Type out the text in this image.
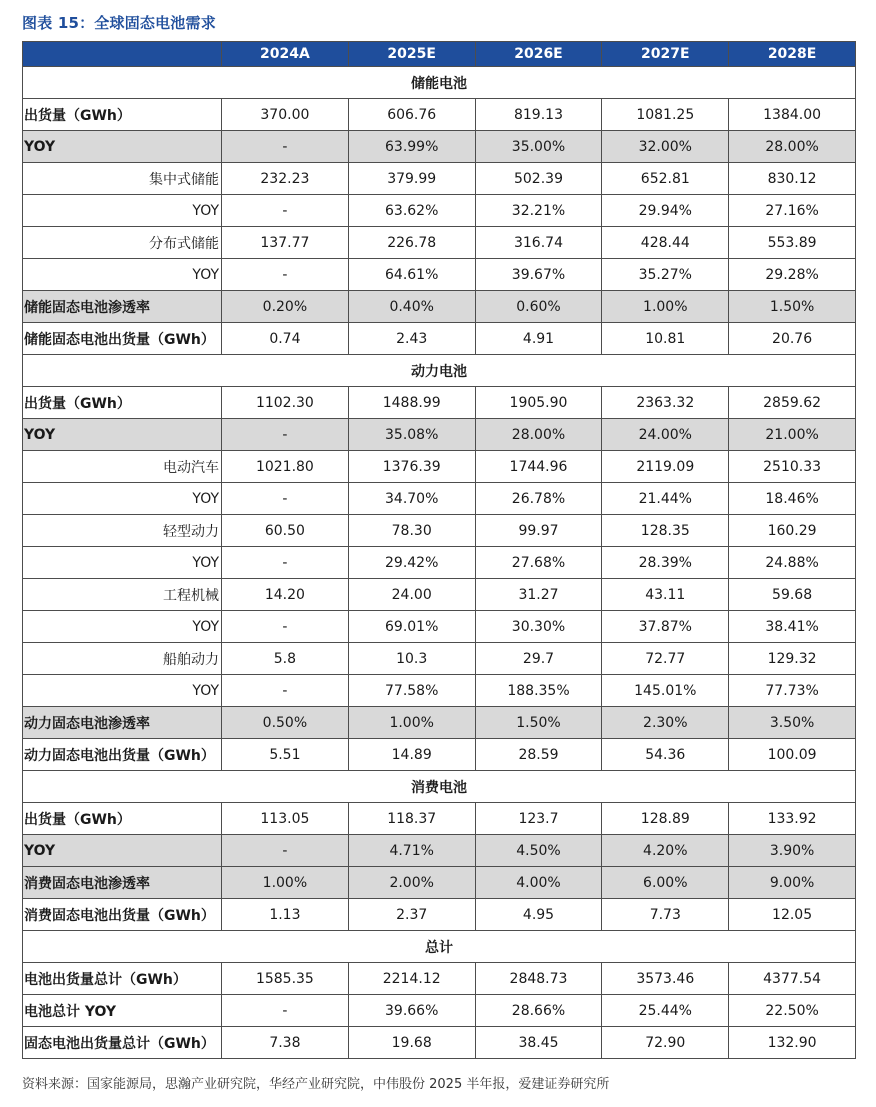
图表 15：全球固态电池需求
	2024A	2025E	2026E	2027E	2028E
储能电池					
出货量（GWh）	370.00	606.76	819.13	1081.25	1384.00
YOY	-	63.99%	35.00%	32.00%	28.00%
集中式储能	232.23	379.99	502.39	652.81	830.12
YOY	-	63.62%	32.21%	29.94%	27.16%
分布式储能	137.77	226.78	316.74	428.44	553.89
YOY	-	64.61%	39.67%	35.27%	29.28%
储能固态电池渗透率	0.20%	0.40%	0.60%	1.00%	1.50%
储能固态电池出货量（GWh）	0.74	2.43	4.91	10.81	20.76
动力电池					
出货量（GWh）	1102.30	1488.99	1905.90	2363.32	2859.62
YOY	-	35.08%	28.00%	24.00%	21.00%
电动汽车	1021.80	1376.39	1744.96	2119.09	2510.33
YOY	-	34.70%	26.78%	21.44%	18.46%
轻型动力	60.50	78.30	99.97	128.35	160.29
YOY	-	29.42%	27.68%	28.39%	24.88%
工程机械	14.20	24.00	31.27	43.11	59.68
YOY	-	69.01%	30.30%	37.87%	38.41%
船舶动力	5.8	10.3	29.7	72.77	129.32
YOY	-	77.58%	188.35%	145.01%	77.73%
动力固态电池渗透率	0.50%	1.00%	1.50%	2.30%	3.50%
动力固态电池出货量（GWh）	5.51	14.89	28.59	54.36	100.09
消费电池					
出货量（GWh）	113.05	118.37	123.7	128.89	133.92
YOY	-	4.71%	4.50%	4.20%	3.90%
消费固态电池渗透率	1.00%	2.00%	4.00%	6.00%	9.00%
消费固态电池出货量（GWh）	1.13	2.37	4.95	7.73	12.05
总计					
电池出货量总计（GWh）	1585.35	2214.12	2848.73	3573.46	4377.54
电池总计 YOY	-	39.66%	28.66%	25.44%	22.50%
固态电池出货量总计（GWh）	7.38	19.68	38.45	72.90	132.90
资料来源：国家能源局，思瀚产业研究院，华经产业研究院，中伟股份 2025 半年报，爱建证券研究所
